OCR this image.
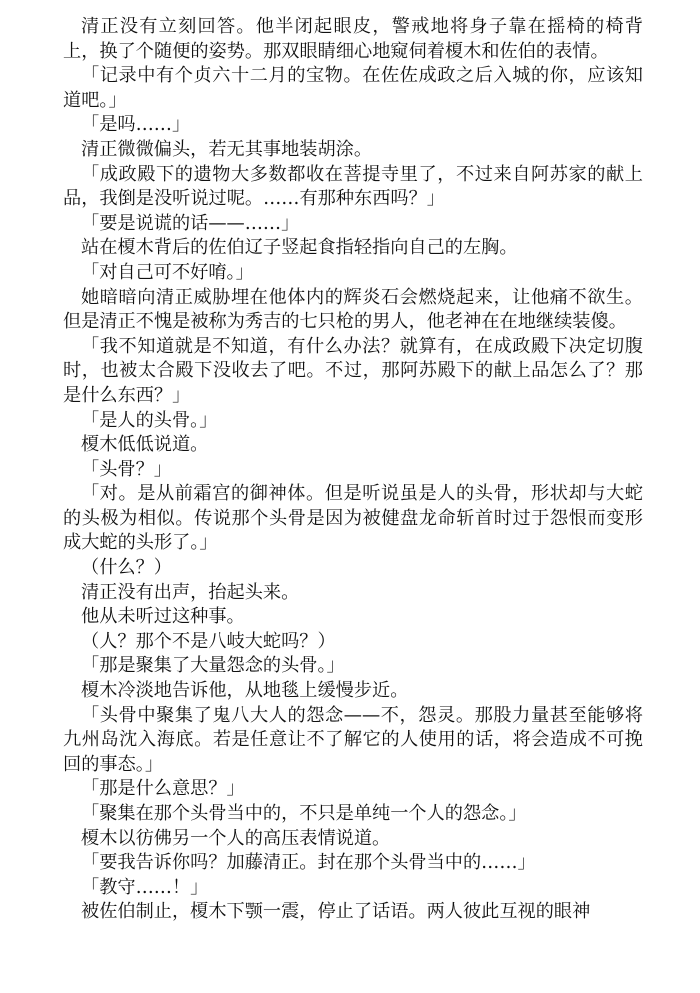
清正没有立刻回答。他半闭起眼皮，警戒地将身子靠在摇椅的椅背上，换了个随便的姿势。那双眼睛细心地窥伺着榎木和佐伯的表情。

「记录中有个贞六十二月的宝物。在佐佐成政之后入城的你，应该知道吧。」

「是吗……」

清正微微偏头，若无其事地装胡涂。

「成政殿下的遗物大多数都收在菩提寺里了，不过来自阿苏家的献上品，我倒是没听说过呢。……有那种东西吗？」

「要是说谎的话——……」

站在榎木背后的佐伯辽子竖起食指轻指向自己的左胸。

「对自己可不好唷。」

她暗暗向清正威胁埋在他体内的辉炎石会燃烧起来，让他痛不欲生。但是清正不愧是被称为秀吉的七只枪的男人，他老神在在地继续装傻。

「我不知道就是不知道，有什么办法？就算有，在成政殿下决定切腹时，也被太合殿下没收去了吧。不过，那阿苏殿下的献上品怎么了？那是什么东西？」

「是人的头骨。」

榎木低低说道。

「头骨？」

「对。是从前霜宫的御神体。但是听说虽是人的头骨，形状却与大蛇的头极为相似。传说那个头骨是因为被健盘龙命斩首时过于怨恨而变形成大蛇的头形了。」

（什么？）

清正没有出声，抬起头来。

他从未听过这种事。

（人？那个不是八岐大蛇吗？）

「那是聚集了大量怨念的头骨。」

榎木冷淡地告诉他，从地毯上缓慢步近。

「头骨中聚集了鬼八大人的怨念——不，怨灵。那股力量甚至能够将九州岛沈入海底。若是任意让不了解它的人使用的话，将会造成不可挽回的事态。」

「那是什么意思？」

「聚集在那个头骨当中的，不只是单纯一个人的怨念。」

榎木以彷佛另一个人的高压表情说道。

「要我告诉你吗？加藤清正。封在那个头骨当中的……」

「教守……！」

被佐伯制止，榎木下颚一震，停止了话语。两人彼此互视的眼神
